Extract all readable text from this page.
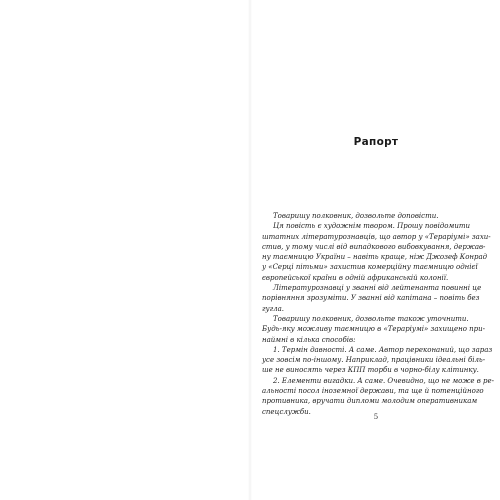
Рапорт

Товаришу полковник, дозвольте доповісти.

Ця повість є художнім твором. Прошу повідомити
штатних літературознавців, що автор у «Тераріумі» захи-
стив, у тому числі від випадкового вибовкування, держав-
ну таємницю України – навіть краще, ніж Джозеф Конрад
у «Серці пітьми» захистив комерційну таємницю однієї
європейської країни в одній африканській колонії.

Літературознавці у званні від лейтенанта повинні це
порівняння зрозуміти. У званні від капітана – повіть без
гугла.

Товаришу полковник, дозвольте також уточнити.
Будь-яку можливу таємницю в «Тераріумі» захищено при-
наймні в кілька способів:

1. Термін давності. А саме. Автор переконаний, що зараз
усе зовсім по-іншому. Наприклад, працівники ідеальні біль-
ше не виносять через КПП торби в чорно-білу клітинку.

2. Елементи вигадки. А саме. Очевидно, що не може в ре-
альності посол іноземної держави, та ще й потенційного
противника, вручати дипломи молодим оперативникам
спецслужби.

5
